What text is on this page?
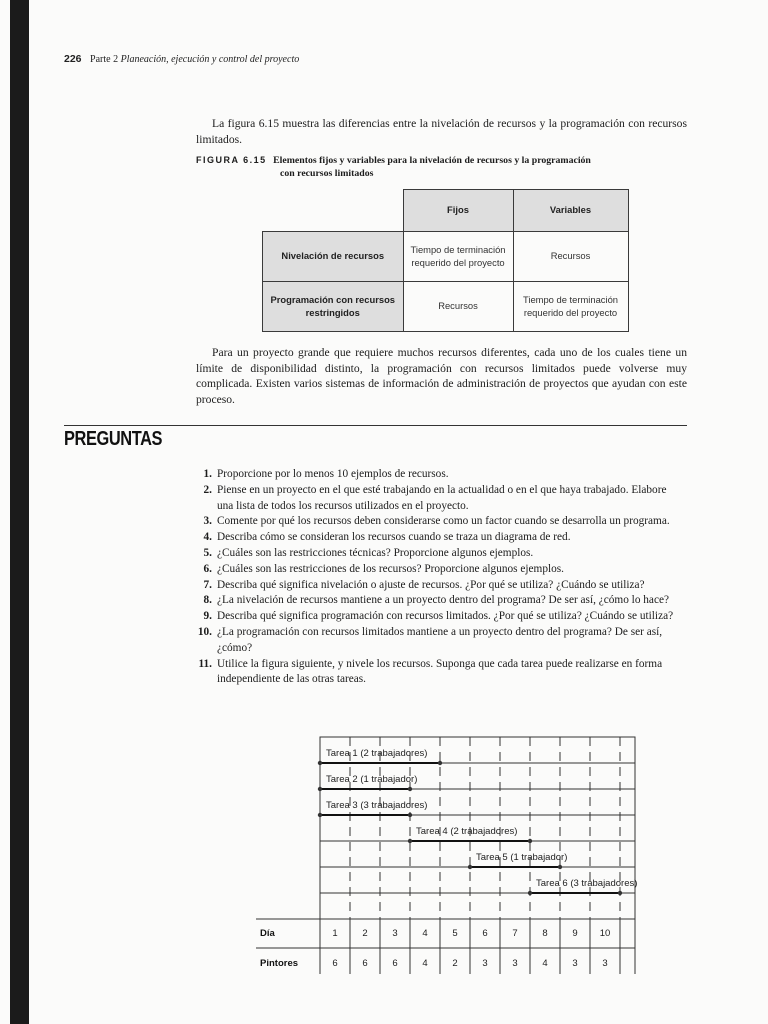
226 Parte 2 Planeación, ejecución y control del proyecto

La figura 6.15 muestra las diferencias entre la nivelación de recursos y la programación con recursos limitados.

FIGURA 6.15 Elementos fijos y variables para la nivelación de recursos y la programación
con recursos limitados
	Fijos	Variables
Nivelación de recursos	Tiempo de terminación requerido del proyecto	Recursos
Programación con recursos restringidos	Recursos	Tiempo de terminación requerido del proyecto

Para un proyecto grande que requiere muchos recursos diferentes, cada uno de los cuales tiene un límite de disponibilidad distinto, la programación con recursos limitados puede volverse muy complicada. Existen varios sistemas de información de administración de proyectos que ayudan con este proceso.

PREGUNTAS
1. Proporcione por lo menos 10 ejemplos de recursos.
2. Piense en un proyecto en el que esté trabajando en la actualidad o en el que haya trabajado. Elabore una lista de todos los recursos utilizados en el proyecto.
3. Comente por qué los recursos deben considerarse como un factor cuando se desarrolla un programa.
4. Describa cómo se consideran los recursos cuando se traza un diagrama de red.
5. ¿Cuáles son las restricciones técnicas? Proporcione algunos ejemplos.
6. ¿Cuáles son las restricciones de los recursos? Proporcione algunos ejemplos.
7. Describa qué significa nivelación o ajuste de recursos. ¿Por qué se utiliza? ¿Cuándo se utiliza?
8. ¿La nivelación de recursos mantiene a un proyecto dentro del programa? De ser así, ¿cómo lo hace?
9. Describa qué significa programación con recursos limitados. ¿Por qué se utiliza? ¿Cuándo se utiliza?
10. ¿La programación con recursos limitados mantiene a un proyecto dentro del programa? De ser así, ¿cómo?
11. Utilice la figura siguiente, y nivele los recursos. Suponga que cada tarea puede realizarse en forma independiente de las otras tareas.
Tarea 1 (2 trabajadores)
Tarea 2 (1 trabajador)
Tarea 3 (3 trabajadores)
Tarea 4 (2 trabajadores)
Tarea 5 (1 trabajador)
Tarea 6 (3 trabajadores)
Día	1	2	3	4	5	6	7	8	9 10
Pintores	6	6	6	4	2	3	3	4	3	3
